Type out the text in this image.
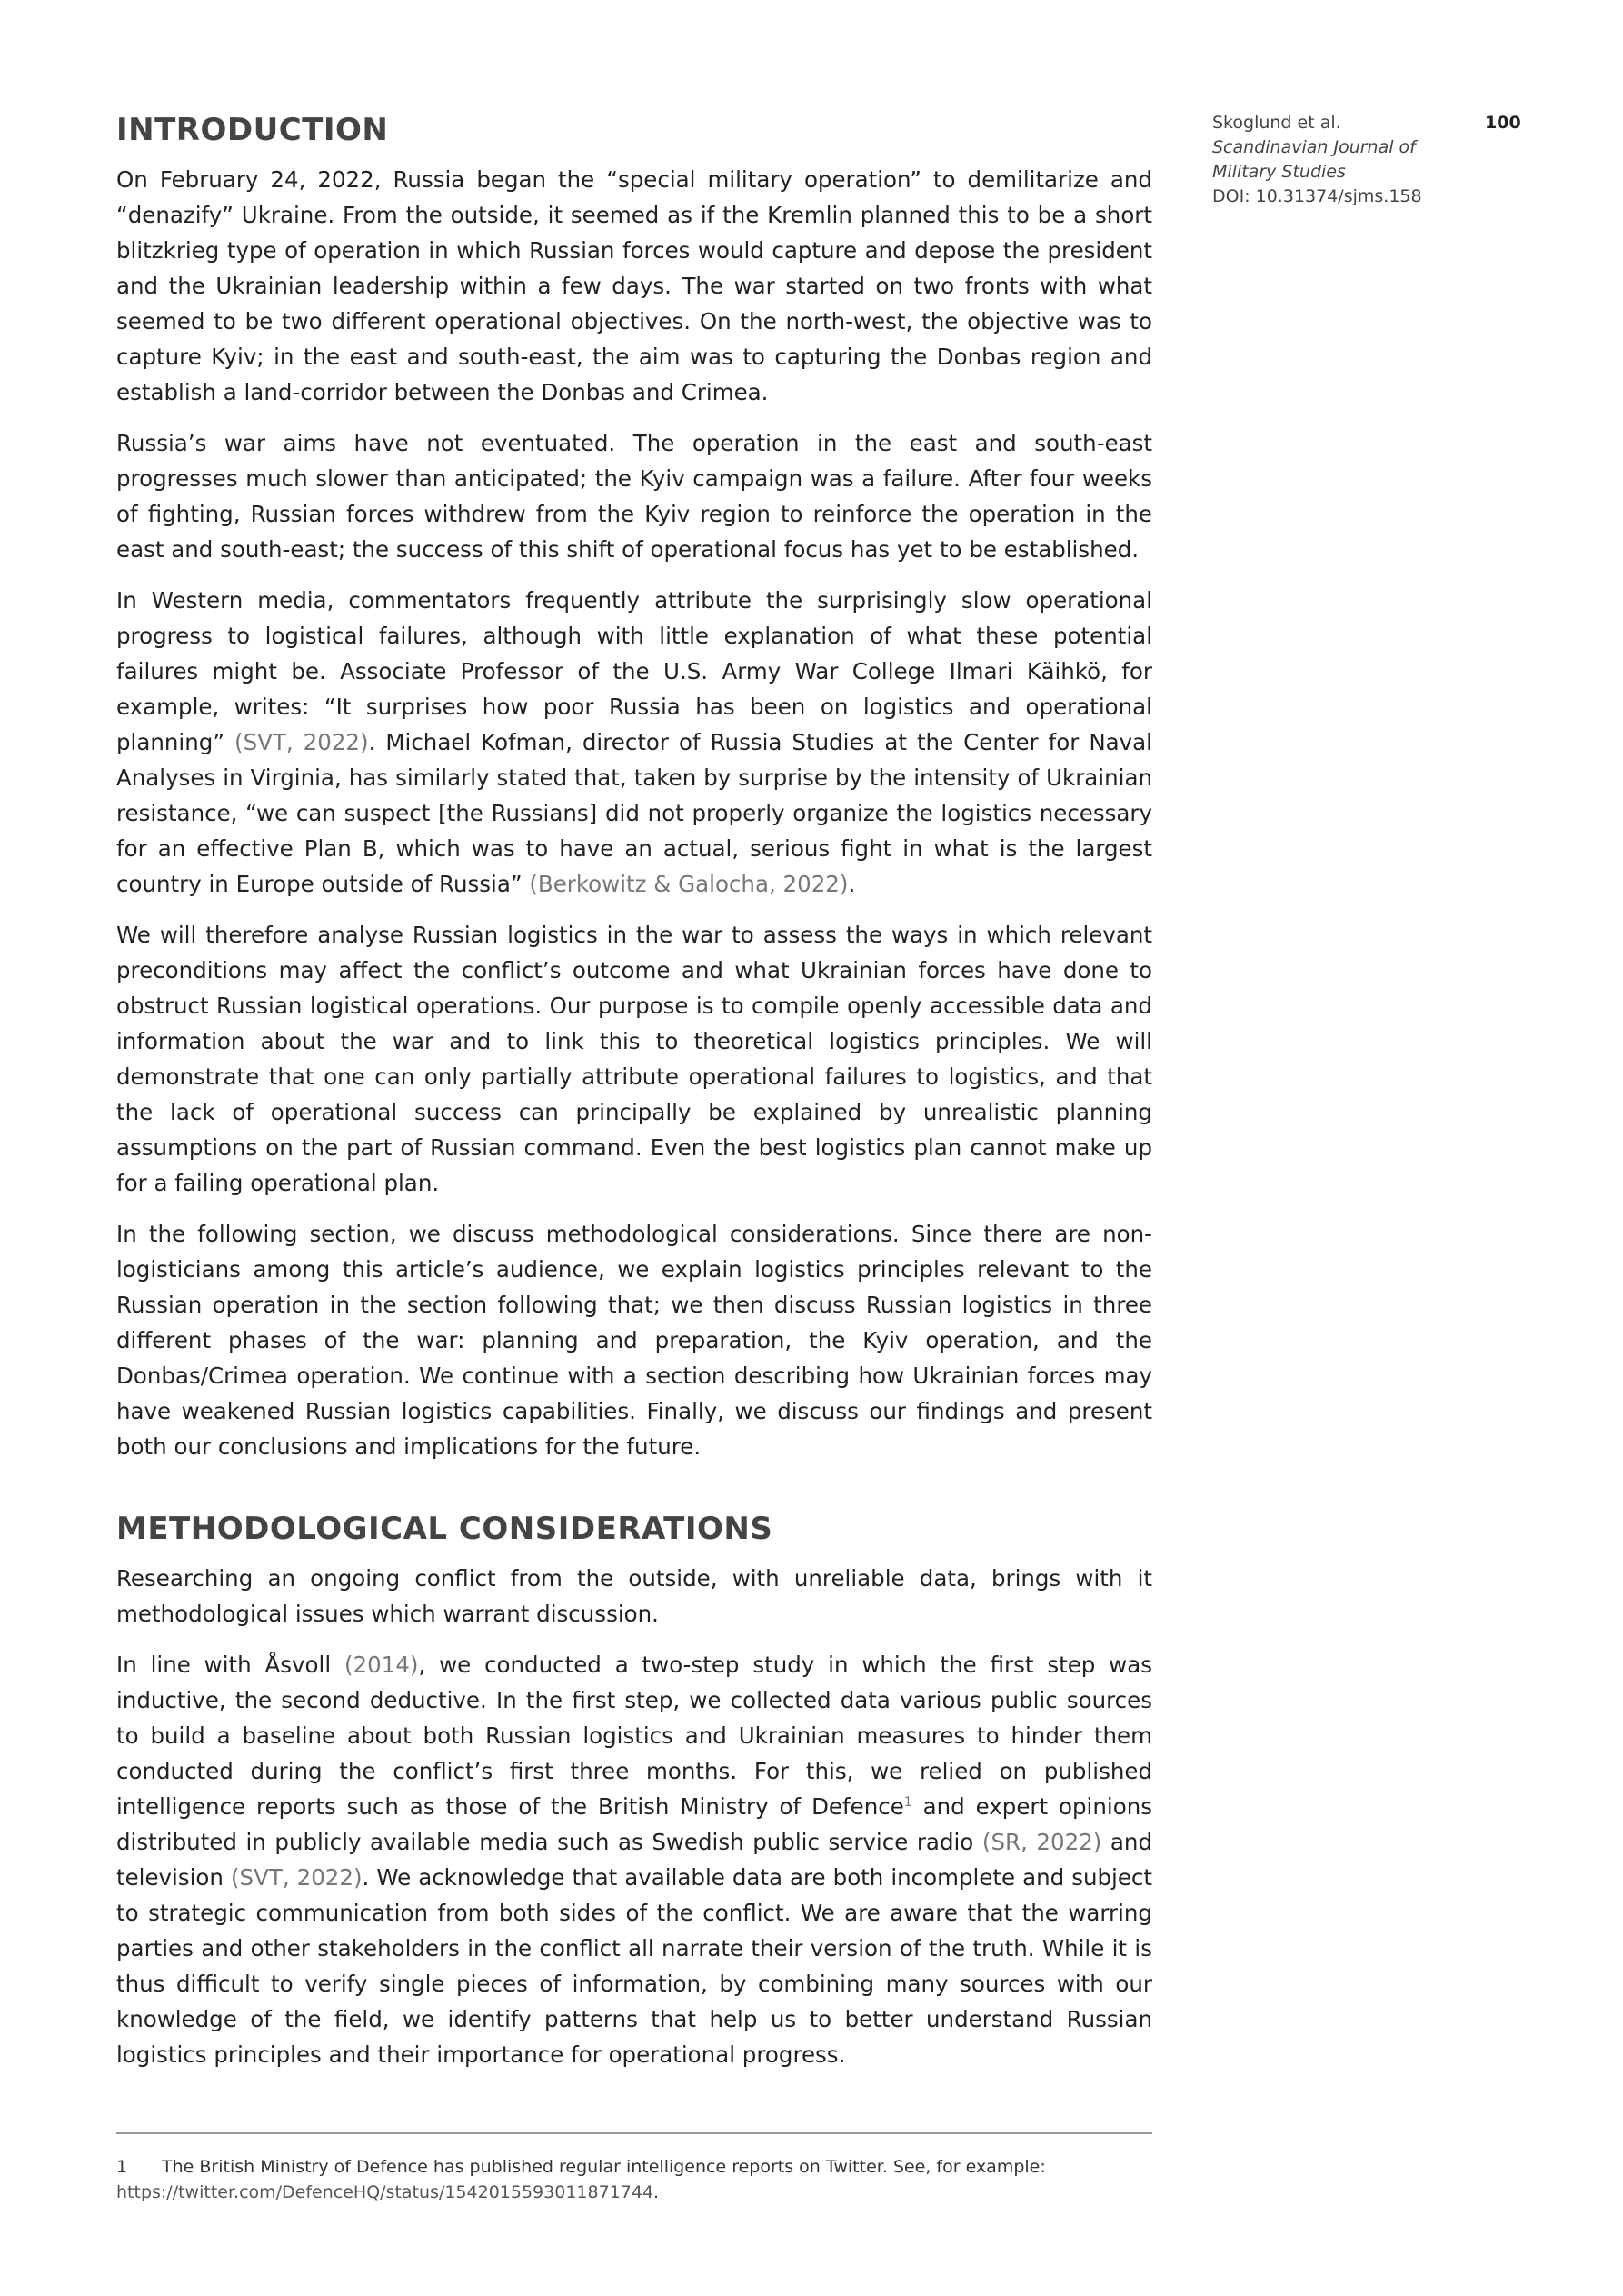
INTRODUCTION

On February 24, 2022, Russia began the “special military operation” to demilitarize and “denazify” Ukraine. From the outside, it seemed as if the Kremlin planned this to be a short blitzkrieg type of operation in which Russian forces would capture and depose the president and the Ukrainian leadership within a few days. The war started on two fronts with what seemed to be two different operational objectives. On the north-west, the objective was to capture Kyiv; in the east and south-east, the aim was to capturing the Donbas region and establish a land-corridor between the Donbas and Crimea.

Russia’s war aims have not eventuated. The operation in the east and south-east progresses much slower than anticipated; the Kyiv campaign was a failure. After four weeks of fighting, Russian forces withdrew from the Kyiv region to reinforce the operation in the east and south-east; the success of this shift of operational focus has yet to be established.

In Western media, commentators frequently attribute the surprisingly slow operational progress to logistical failures, although with little explanation of what these potential failures might be. Associate Professor of the U.S. Army War College Ilmari Käihkö, for example, writes: “It surprises how poor Russia has been on logistics and operational planning” (SVT, 2022). Michael Kofman, director of Russia Studies at the Center for Naval Analyses in Virginia, has similarly stated that, taken by surprise by the intensity of Ukrainian resistance, “we can suspect [the Russians] did not properly organize the logistics necessary for an effective Plan B, which was to have an actual, serious fight in what is the largest country in Europe outside of Russia” (Berkowitz & Galocha, 2022).

We will therefore analyse Russian logistics in the war to assess the ways in which relevant preconditions may affect the conflict’s outcome and what Ukrainian forces have done to obstruct Russian logistical operations. Our purpose is to compile openly accessible data and information about the war and to link this to theoretical logistics principles. We will demonstrate that one can only partially attribute operational failures to logistics, and that the lack of operational success can principally be explained by unrealistic planning assumptions on the part of Russian command. Even the best logistics plan cannot make up for a failing operational plan.

In the following section, we discuss methodological considerations. Since there are non-logisticians among this article’s audience, we explain logistics principles relevant to the Russian operation in the section following that; we then discuss Russian logistics in three different phases of the war: planning and preparation, the Kyiv operation, and the Donbas/Crimea operation. We continue with a section describing how Ukrainian forces may have weakened Russian logistics capabilities. Finally, we discuss our findings and present both our conclusions and implications for the future.

METHODOLOGICAL CONSIDERATIONS

Researching an ongoing conflict from the outside, with unreliable data, brings with it methodological issues which warrant discussion.

In line with Åsvoll (2014), we conducted a two-step study in which the first step was inductive, the second deductive. In the first step, we collected data various public sources to build a baseline about both Russian logistics and Ukrainian measures to hinder them conducted during the conflict’s first three months. For this, we relied on published intelligence reports such as those of the British Ministry of Defence$^1$ and expert opinions distributed in publicly available media such as Swedish public service radio (SR, 2022) and television (SVT, 2022). We acknowledge that available data are both incomplete and subject to strategic communication from both sides of the conflict. We are aware that the warring parties and other stakeholders in the conflict all narrate their version of the truth. While it is thus difficult to verify single pieces of information, by combining many sources with our knowledge of the field, we identify patterns that help us to better understand Russian logistics principles and their importance for operational progress.

Skoglund et al.
Scandinavian Journal of Military Studies
DOI: 10.31374/sjms.158
100
1 The British Ministry of Defence has published regular intelligence reports on Twitter. See, for example:
https://twitter.com/DefenceHQ/status/1542015593011871744.
